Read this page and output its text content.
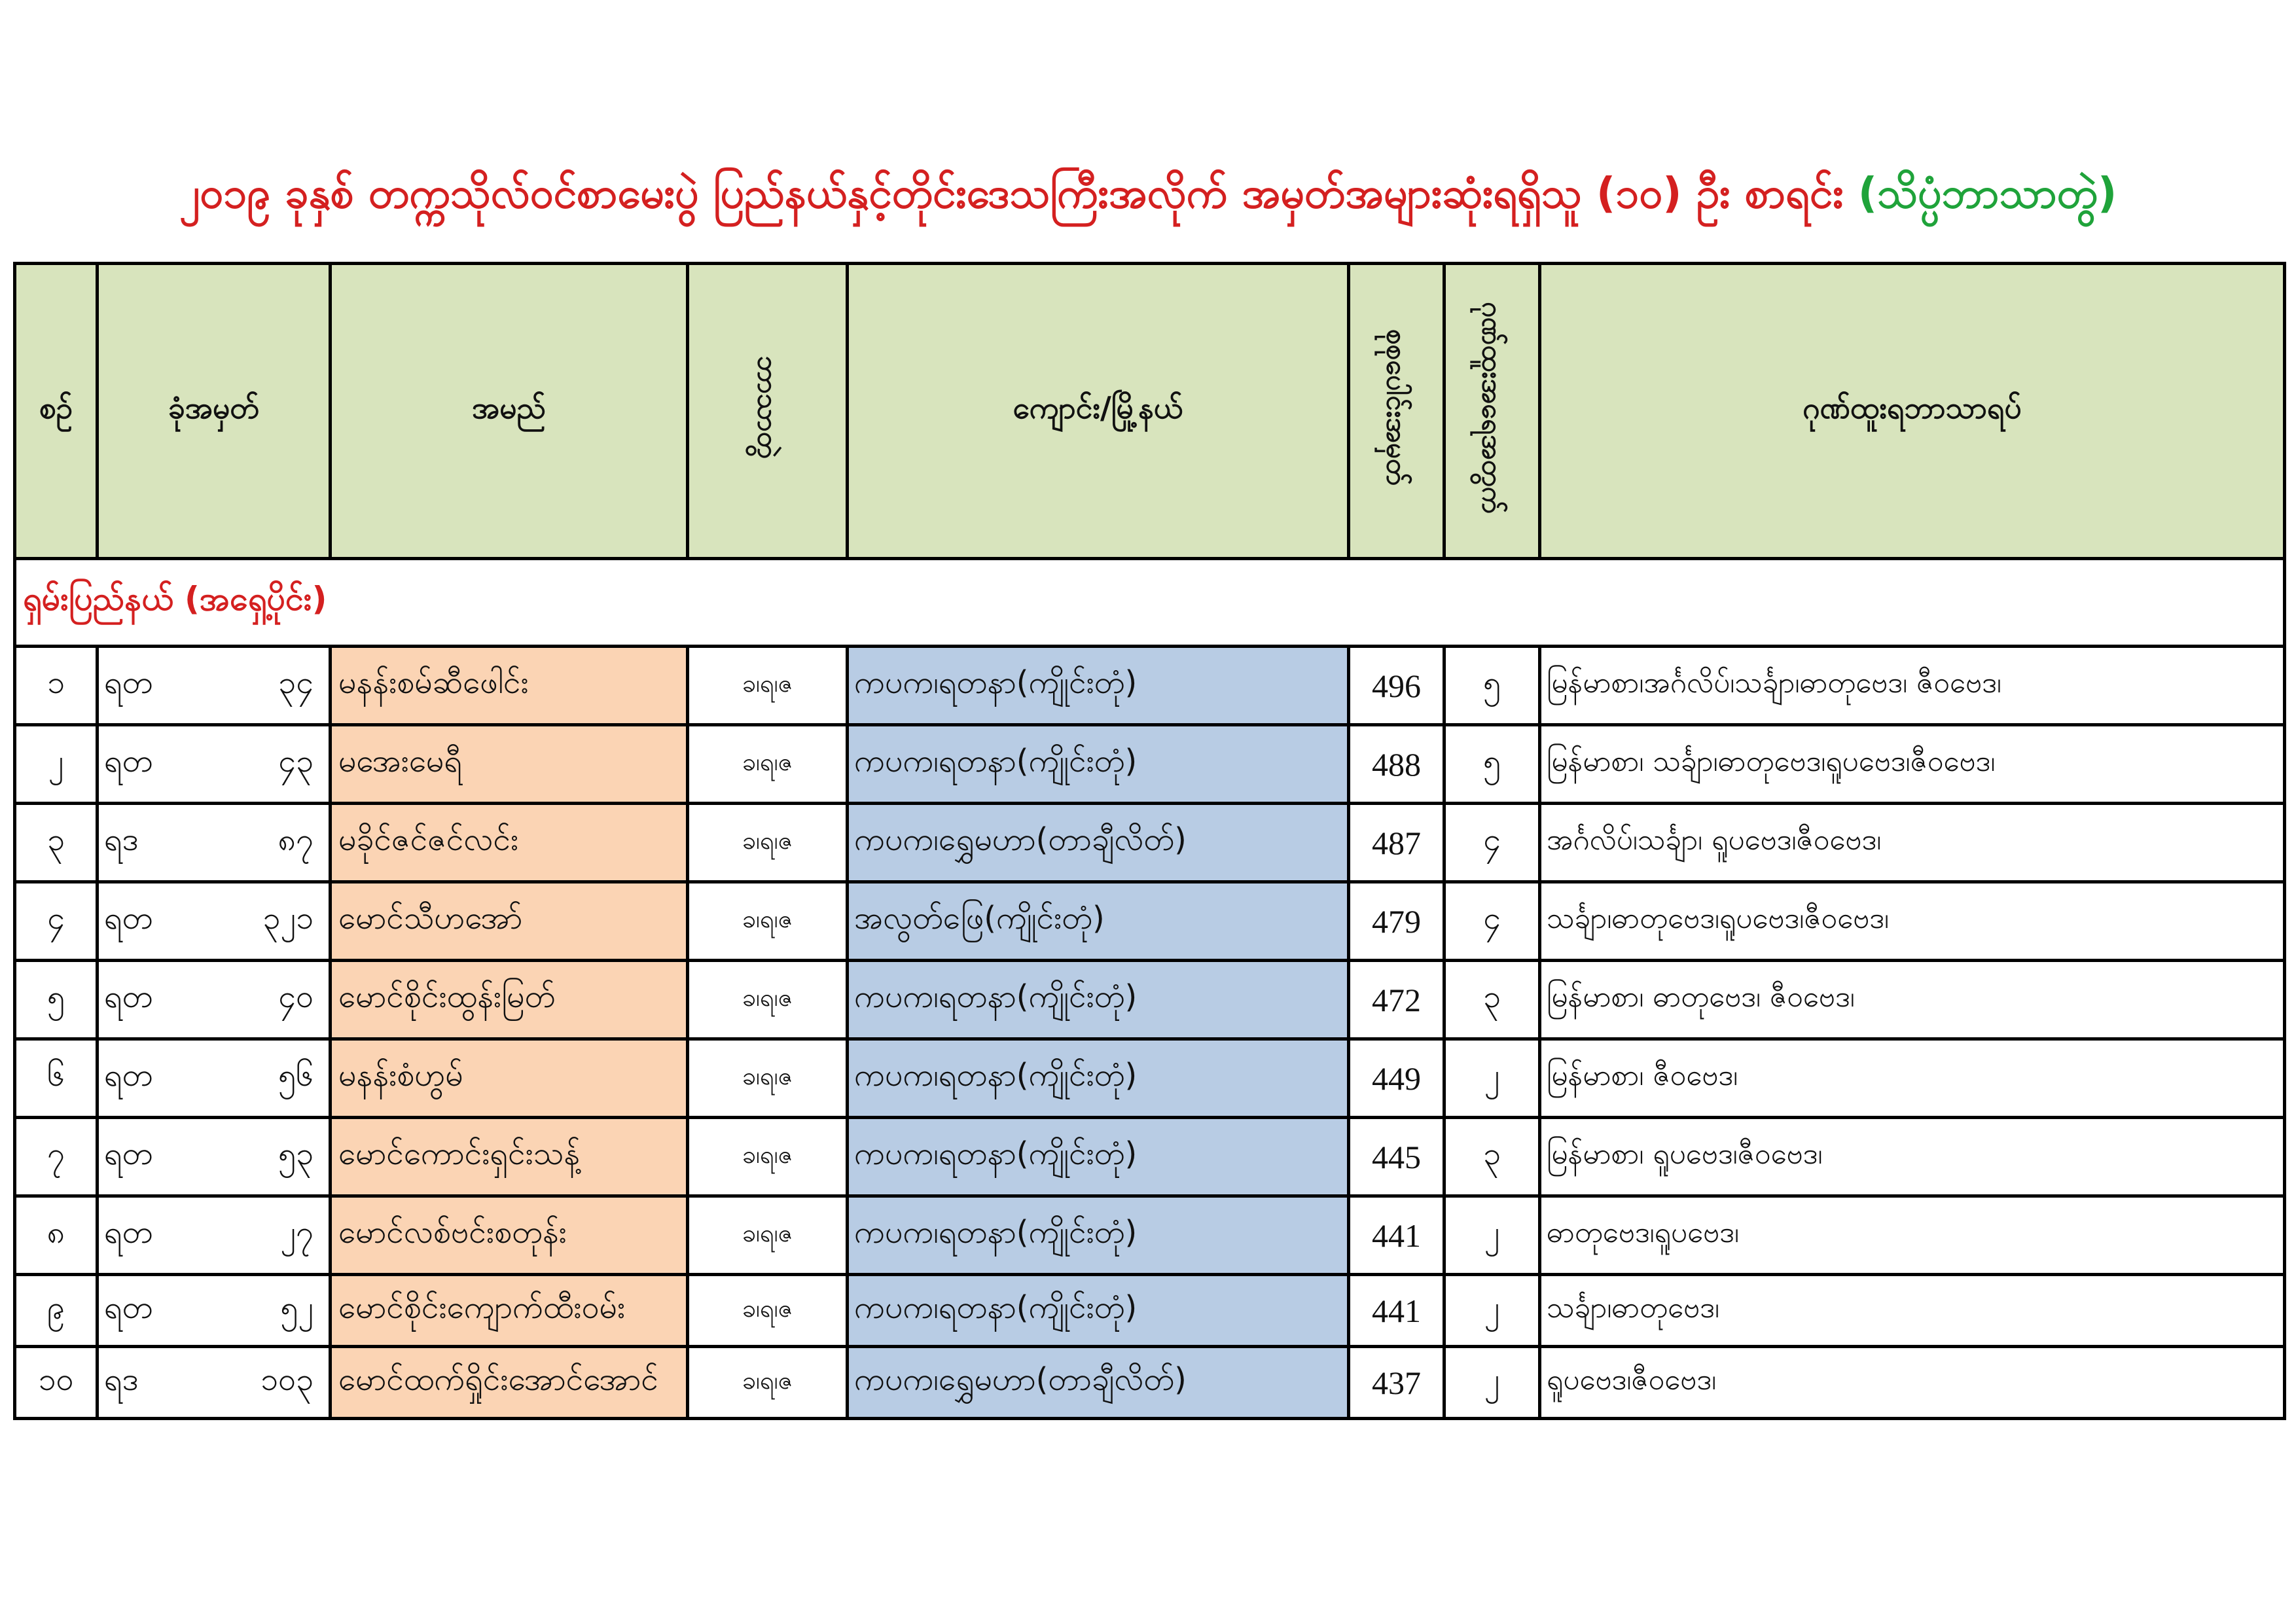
၂၀၁၉ ခုနှစ် တက္ကသိုလ်ဝင်စာမေးပွဲ ပြည်နယ်နှင့်တိုင်းဒေသကြီးအလိုက် အမှတ်အများဆုံးရရှိသူ (၁၀) ဦး စာရင်း (သိပ္ပံဘာသာတွဲ)
စဉ်	ခုံအမှတ်	အမည်	ဘာသာတွဲ	ကျောင်း/မြို့နယ်	စုစုပေါင်းအမှတ်	ဂုဏ်ထူးအရေအတွက်	ဂုဏ်ထူးရဘာသာရပ်
ရှမ်းပြည်နယ် (အရှေ့ပိုင်း)							
၁	ရတ ၃၄	မနန်းစမ်ဆီဖေါင်း	ခ၊ရ၊ဇ	ကပက၊ရတနာ(ကျိုင်းတုံ)	496	၅	မြန်မာစာ၊အင်္ဂလိပ်၊သင်္ချာ၊ဓာတုဗေဒ၊ ဇီဝဗေဒ၊
၂	ရတ ၄၃	မအေးမေရီ	ခ၊ရ၊ဇ	ကပက၊ရတနာ(ကျိုင်းတုံ)	488	၅	မြန်မာစာ၊ သင်္ချာ၊ဓာတုဗေဒ၊ရူပဗေဒ၊ဇီဝဗေဒ၊
၃	ရဒ ၈၇	မခိုင်ဇင်ဇင်လင်း	ခ၊ရ၊ဇ	ကပက၊ရွှေမဟာ(တာချီလိတ်)	487	၄	အင်္ဂလိပ်၊သင်္ချာ၊ ရူပဗေဒ၊ဇီဝဗေဒ၊
၄	ရတ ၃၂၁	မောင်သီဟအော်	ခ၊ရ၊ဇ	အလွတ်ဖြေ(ကျိုင်းတုံ)	479	၄	သင်္ချာ၊ဓာတုဗေဒ၊ရူပဗေဒ၊ဇီဝဗေဒ၊
၅	ရတ ၄၀	မောင်စိုင်းထွန်းမြတ်	ခ၊ရ၊ဇ	ကပက၊ရတနာ(ကျိုင်းတုံ)	472	၃	မြန်မာစာ၊ ဓာတုဗေဒ၊ ဇီဝဗေဒ၊
၆	ရတ ၅၆	မနန်းစံဟွမ်	ခ၊ရ၊ဇ	ကပက၊ရတနာ(ကျိုင်းတုံ)	449	၂	မြန်မာစာ၊ ဇီဝဗေဒ၊
၇	ရတ ၅၃	မောင်ကောင်းရှင်းသန့်	ခ၊ရ၊ဇ	ကပက၊ရတနာ(ကျိုင်းတုံ)	445	၃	မြန်မာစာ၊ ရူပဗေဒ၊ဇီဝဗေဒ၊
၈	ရတ ၂၇	မောင်လစ်ဗင်းစတုန်း	ခ၊ရ၊ဇ	ကပက၊ရတနာ(ကျိုင်းတုံ)	441	၂	ဓာတုဗေဒ၊ရူပဗေဒ၊
၉	ရတ ၅၂	မောင်စိုင်းကျောက်ထီးဝမ်း	ခ၊ရ၊ဇ	ကပက၊ရတနာ(ကျိုင်းတုံ)	441	၂	သင်္ချာ၊ဓာတုဗေဒ၊
၁၀	ရဒ ၁၀၃	မောင်ထက်ရှိုင်းအောင်အောင်	ခ၊ရ၊ဇ	ကပက၊ရွှေမဟာ(တာချီလိတ်)	437	၂	ရူပဗေဒ၊ဇီဝဗေဒ၊
